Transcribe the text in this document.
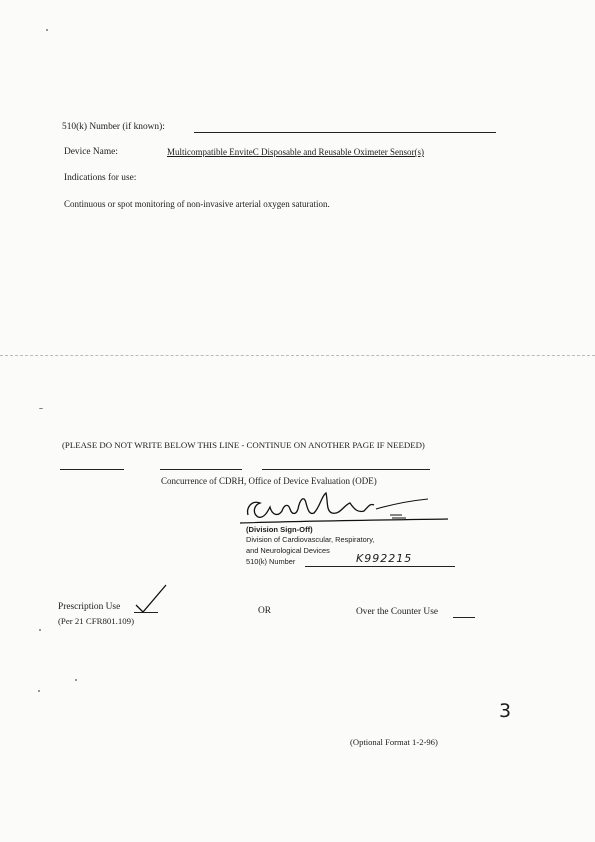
510(k) Number (if known):
Device Name:	Multicompatible EnviteC Disposable and Reusable Oximeter Sensor(s)
Indications for use:
Continuous or spot monitoring of non-invasive arterial oxygen saturation.
(PLEASE DO NOT WRITE BELOW THIS LINE - CONTINUE ON ANOTHER PAGE IF NEEDED)
Concurrence of CDRH, Office of Device Evaluation (ODE)
(Division Sign-Off)
Division of Cardiovascular, Respiratory,
and Neurological Devices
510(k) Number	K992215
Prescription Use
(Per 21 CFR801.109)
OR	Over the Counter Use
3
(Optional Format 1-2-96)
